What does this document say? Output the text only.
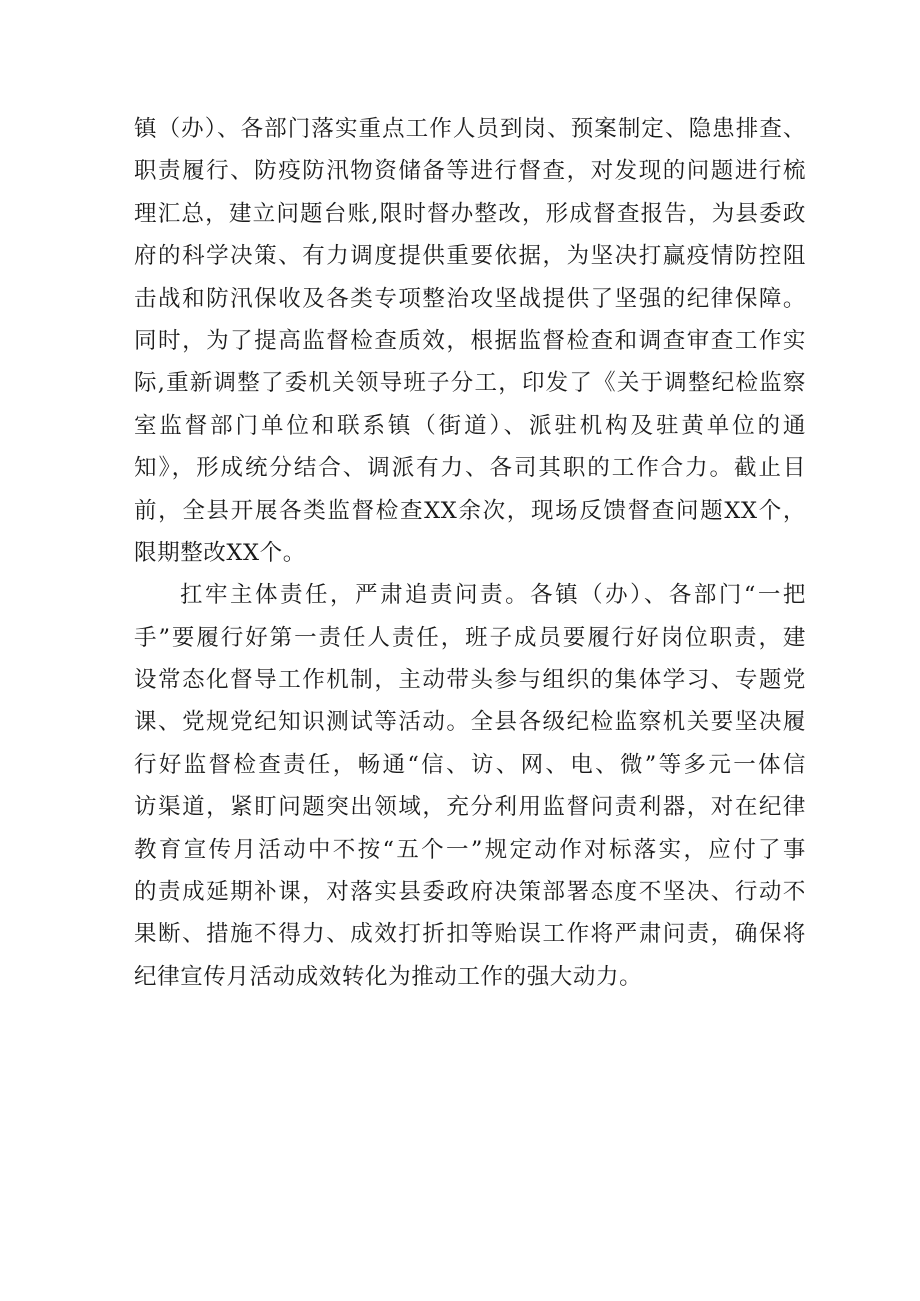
镇（办）、各部门落实重点工作人员到岗、预案制定、隐患排查、
职责履行、防疫防汛物资储备等进行督查，对发现的问题进行梳
理汇总，建立问题台账,限时督办整改，形成督查报告，为县委政
府的科学决策、有力调度提供重要依据，为坚决打赢疫情防控阻
击战和防汛保收及各类专项整治攻坚战提供了坚强的纪律保障。
同时，为了提高监督检查质效，根据监督检查和调查审查工作实
际,重新调整了委机关领导班子分工，印发了《关于调整纪检监察
室监督部门单位和联系镇（街道）、派驻机构及驻黄单位的通
知》，形成统分结合、调派有力、各司其职的工作合力。截止目
前，全县开展各类监督检查XX余次，现场反馈督查问题XX个，
限期整改XX个。
扛牢主体责任，严肃追责问责。各镇（办）、各部门“一把
手”要履行好第一责任人责任，班子成员要履行好岗位职责，建
设常态化督导工作机制，主动带头参与组织的集体学习、专题党
课、党规党纪知识测试等活动。全县各级纪检监察机关要坚决履
行好监督检查责任，畅通“信、访、网、电、微”等多元一体信
访渠道，紧盯问题突出领域，充分利用监督问责利器，对在纪律
教育宣传月活动中不按“五个一”规定动作对标落实，应付了事
的责成延期补课，对落实县委政府决策部署态度不坚决、行动不
果断、措施不得力、成效打折扣等贻误工作将严肃问责，确保将
纪律宣传月活动成效转化为推动工作的强大动力。
